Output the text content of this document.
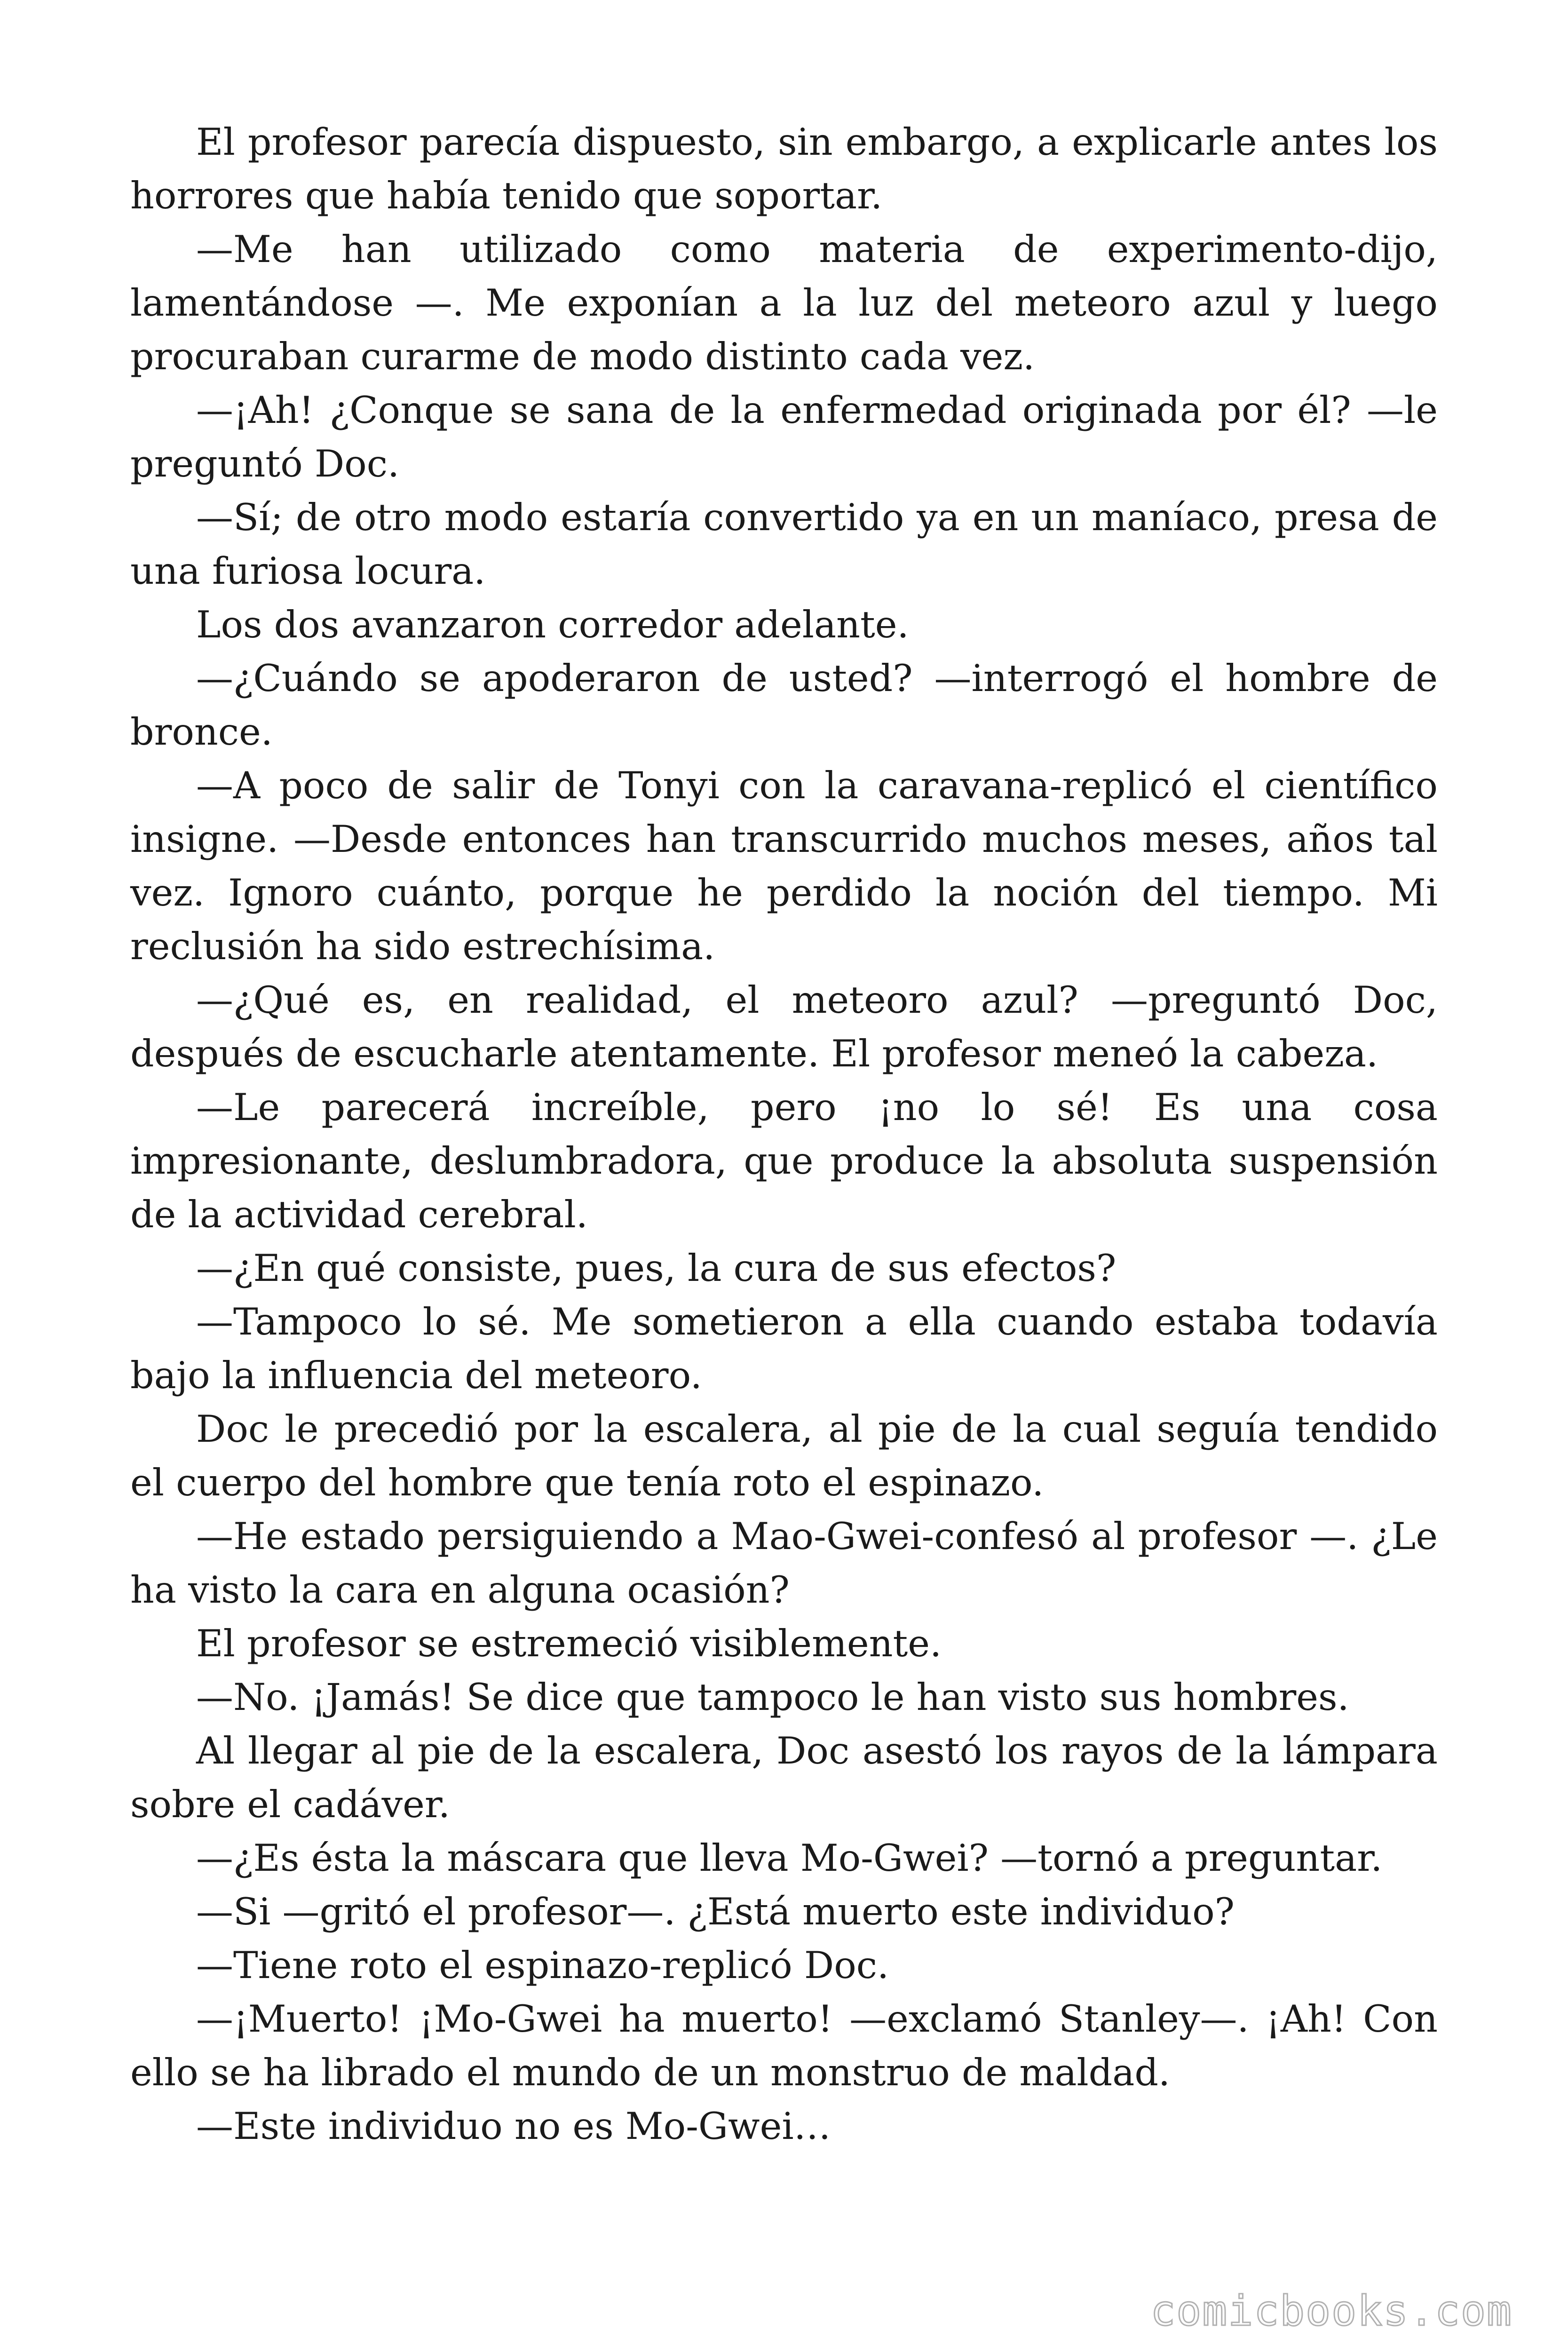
El profesor parecía dispuesto, sin embargo, a explicarle antes los horrores que había tenido que soportar.

—Me han utilizado como materia de experimento-dijo, lamentándose —. Me exponían a la luz del meteoro azul y luego procuraban curarme de modo distinto cada vez.

—¡Ah! ¿Conque se sana de la enfermedad originada por él? —le preguntó Doc.

—Sí; de otro modo estaría convertido ya en un maníaco, presa de una furiosa locura.

Los dos avanzaron corredor adelante.

—¿Cuándo se apoderaron de usted? —interrogó el hombre de bronce.

—A poco de salir de Tonyi con la caravana-replicó el científico insigne. —Desde entonces han transcurrido muchos meses, años tal vez. Ignoro cuánto, porque he perdido la noción del tiempo. Mi reclusión ha sido estrechísima.

—¿Qué es, en realidad, el meteoro azul? —preguntó Doc, después de escucharle atentamente. El profesor meneó la cabeza.

—Le parecerá increíble, pero ¡no lo sé! Es una cosa impresionante, deslumbradora, que produce la absoluta suspensión de la actividad cerebral.

—¿En qué consiste, pues, la cura de sus efectos?

—Tampoco lo sé. Me sometieron a ella cuando estaba todavía bajo la influencia del meteoro.

Doc le precedió por la escalera, al pie de la cual seguía tendido el cuerpo del hombre que tenía roto el espinazo.

—He estado persiguiendo a Mao-Gwei-confesó al profesor —. ¿Le ha visto la cara en alguna ocasión?

El profesor se estremeció visiblemente.

—No. ¡Jamás! Se dice que tampoco le han visto sus hombres.

Al llegar al pie de la escalera, Doc asestó los rayos de la lámpara sobre el cadáver.

—¿Es ésta la máscara que lleva Mo-Gwei? —tornó a preguntar.

—Si —gritó el profesor—. ¿Está muerto este individuo?

—Tiene roto el espinazo-replicó Doc.

—¡Muerto! ¡Mo-Gwei ha muerto! —exclamó Stanley—. ¡Ah! Con ello se ha librado el mundo de un monstruo de maldad.

—Este individuo no es Mo-Gwei…

comicbooks.com
